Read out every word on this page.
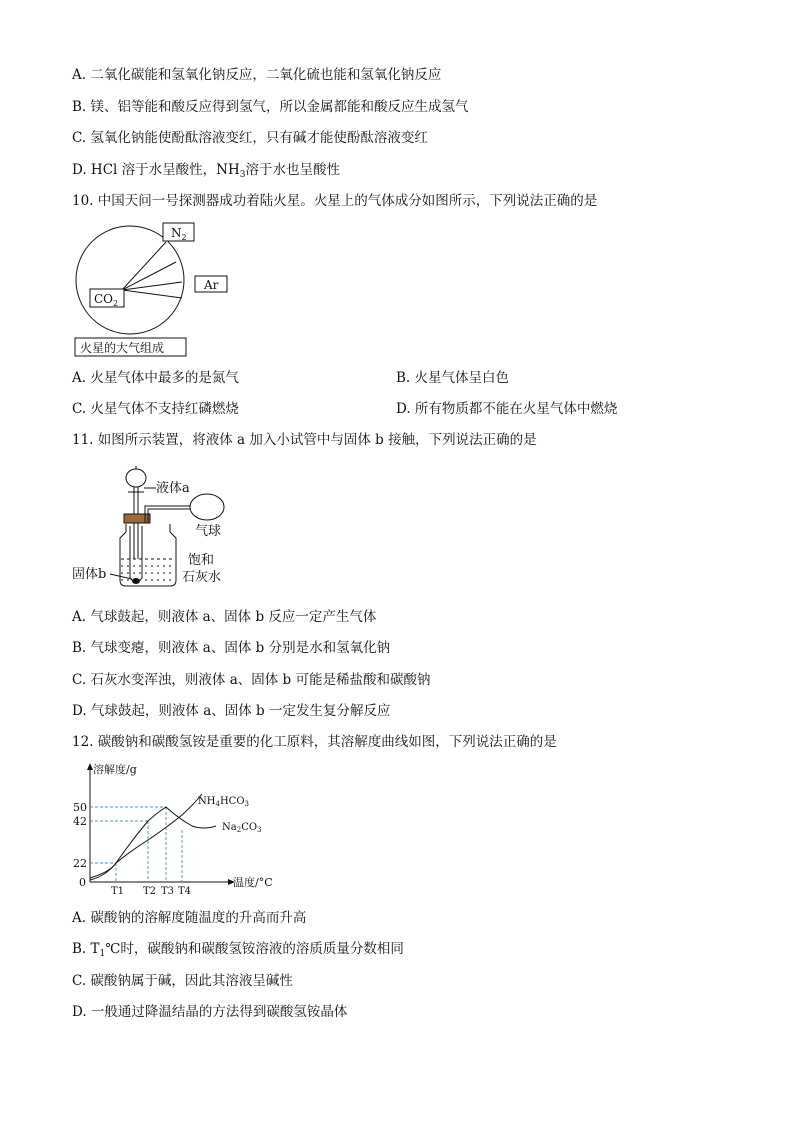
A. 二氧化碳能和氢氧化钠反应，二氧化硫也能和氢氧化钠反应
B. 镁、铝等能和酸反应得到氢气，所以金属都能和酸反应生成氢气
C. 氢氧化钠能使酚酞溶液变红，只有碱才能使酚酞溶液变红
D. HCl 溶于水呈酸性，$NH_3$溶于水也呈酸性
10. 中国天问一号探测器成功着陆火星。火星上的气体成分如图所示，下列说法正确的是
$N_2$
Ar
$CO_2$
火星的大气组成
A. 火星气体中最多的是氮气	B. 火星气体呈白色
C. 火星气体不支持红磷燃烧	D. 所有物质都不能在火星气体中燃烧
11. 如图所示装置，将液体 a 加入小试管中与固体 b 接触，下列说法正确的是
液体a
气球
固体b
饱和
石灰水
A. 气球鼓起，则液体 a、固体 b 反应一定产生气体
B. 气球变瘪，则液体 a、固体 b 分别是水和氢氧化钠
C. 石灰水变浑浊，则液体 a、固体 b 可能是稀盐酸和碳酸钠
D. 气球鼓起，则液体 a、固体 b 一定发生复分解反应
12. 碳酸钠和碳酸氢铵是重要的化工原料，其溶解度曲线如图，下列说法正确的是
溶解度/g
温度/°C
0
22
42
50
T1 T2 T3 T4
$NH_4HCO_3$
$Na_2CO_3$
A. 碳酸钠的溶解度随温度的升高而升高
B. $T_1℃$时，碳酸钠和碳酸氢铵溶液的溶质质量分数相同
C. 碳酸钠属于碱，因此其溶液呈碱性
D. 一般通过降温结晶的方法得到碳酸氢铵晶体
